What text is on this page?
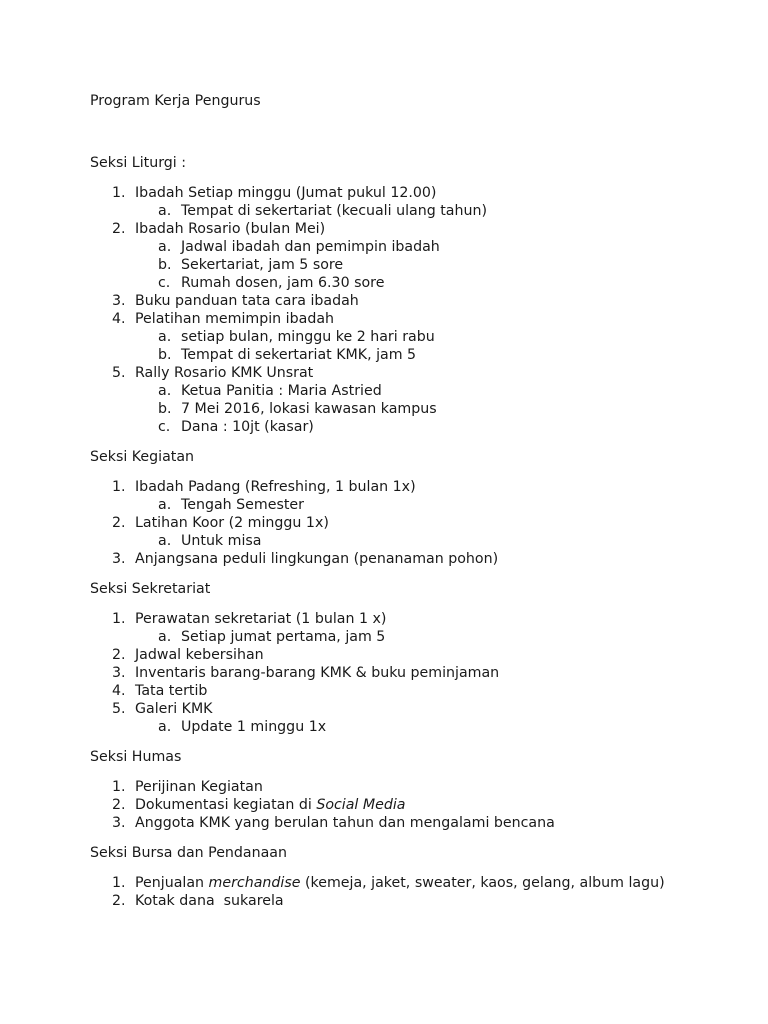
Program Kerja Pengurus
Seksi Liturgi :
1. Ibadah Setiap minggu (Jumat pukul 12.00)
a. Tempat di sekertariat (kecuali ulang tahun)
2. Ibadah Rosario (bulan Mei)
a. Jadwal ibadah dan pemimpin ibadah
b. Sekertariat, jam 5 sore
c. Rumah dosen, jam 6.30 sore
3. Buku panduan tata cara ibadah
4. Pelatihan memimpin ibadah
a. setiap bulan, minggu ke 2 hari rabu
b. Tempat di sekertariat KMK, jam 5
5. Rally Rosario KMK Unsrat
a. Ketua Panitia : Maria Astried
b. 7 Mei 2016, lokasi kawasan kampus
c. Dana : 10jt (kasar)
Seksi Kegiatan
1. Ibadah Padang (Refreshing, 1 bulan 1x)
a. Tengah Semester
2. Latihan Koor (2 minggu 1x)
a. Untuk misa
3. Anjangsana peduli lingkungan (penanaman pohon)
Seksi Sekretariat
1. Perawatan sekretariat (1 bulan 1 x)
a. Setiap jumat pertama, jam 5
2. Jadwal kebersihan
3. Inventaris barang-barang KMK & buku peminjaman
4. Tata tertib
5. Galeri KMK
a. Update 1 minggu 1x
Seksi Humas
1. Perijinan Kegiatan
2. Dokumentasi kegiatan di Social Media
3. Anggota KMK yang berulan tahun dan mengalami bencana
Seksi Bursa dan Pendanaan
1. Penjualan merchandise (kemeja, jaket, sweater, kaos, gelang, album lagu)
2. Kotak dana  sukarela
